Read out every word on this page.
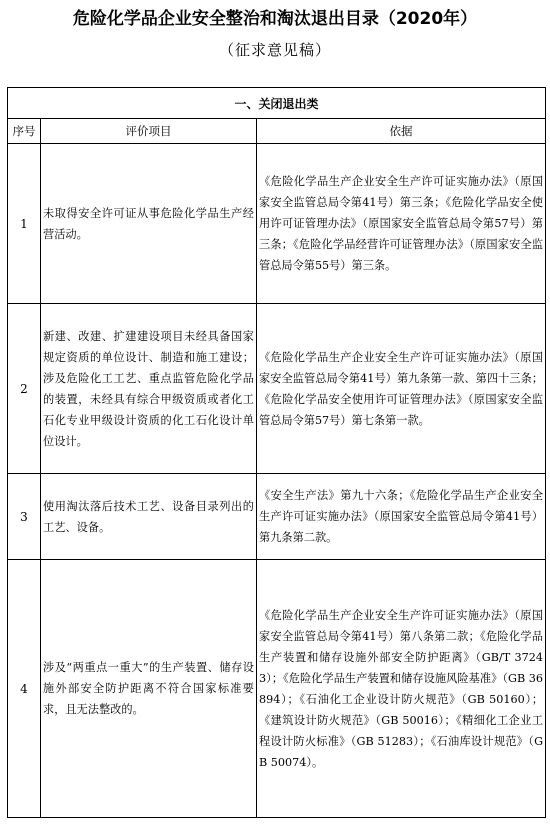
危险化学品企业安全整治和淘汰退出目录（2020年）
（征求意见稿）
一、关闭退出类		
序号	评价项目	依据
1	未取得安全许可证从事危险化学品生产经营活动。	《危险化学品生产企业安全生产许可证实施办法》（原国家安全监管总局令第41号）第三条；《危险化学品安全使用许可证管理办法》（原国家安全监管总局令第57号）第三条；《危险化学品经营许可证管理办法》（原国家安全监管总局令第55号）第三条。
2	新建、改建、扩建建设项目未经具备国家规定资质的单位设计、制造和施工建设；涉及危险化工工艺、重点监管危险化学品的装置，未经具有综合甲级资质或者化工石化专业甲级设计资质的化工石化设计单位设计。	《危险化学品生产企业安全生产许可证实施办法》（原国家安全监管总局令第41号）第九条第一款、第四十三条；《危险化学品安全使用许可证管理办法》（原国家安全监管总局令第57号）第七条第一款。
3	使用淘汰落后技术工艺、设备目录列出的工艺、设备。	《安全生产法》第九十六条；《危险化学品生产企业安全生产许可证实施办法》（原国家安全监管总局令第41号）第九条第二款。
4	涉及“两重点一重大”的生产装置、储存设施外部安全防护距离不符合国家标准要求，且无法整改的。	《危险化学品生产企业安全生产许可证实施办法》（原国家安全监管总局令第41号）第八条第二款；《危险化学品生产装置和储存设施外部安全防护距离》（GB/T 37243）；《危险化学品生产装置和储存设施风险基准》（GB 36894）；《石油化工企业设计防火规范》（GB 50160）；《建筑设计防火规范》（GB 50016）；《精细化工企业工程设计防火标准》（GB 51283）；《石油库设计规范》（GB 50074）。
